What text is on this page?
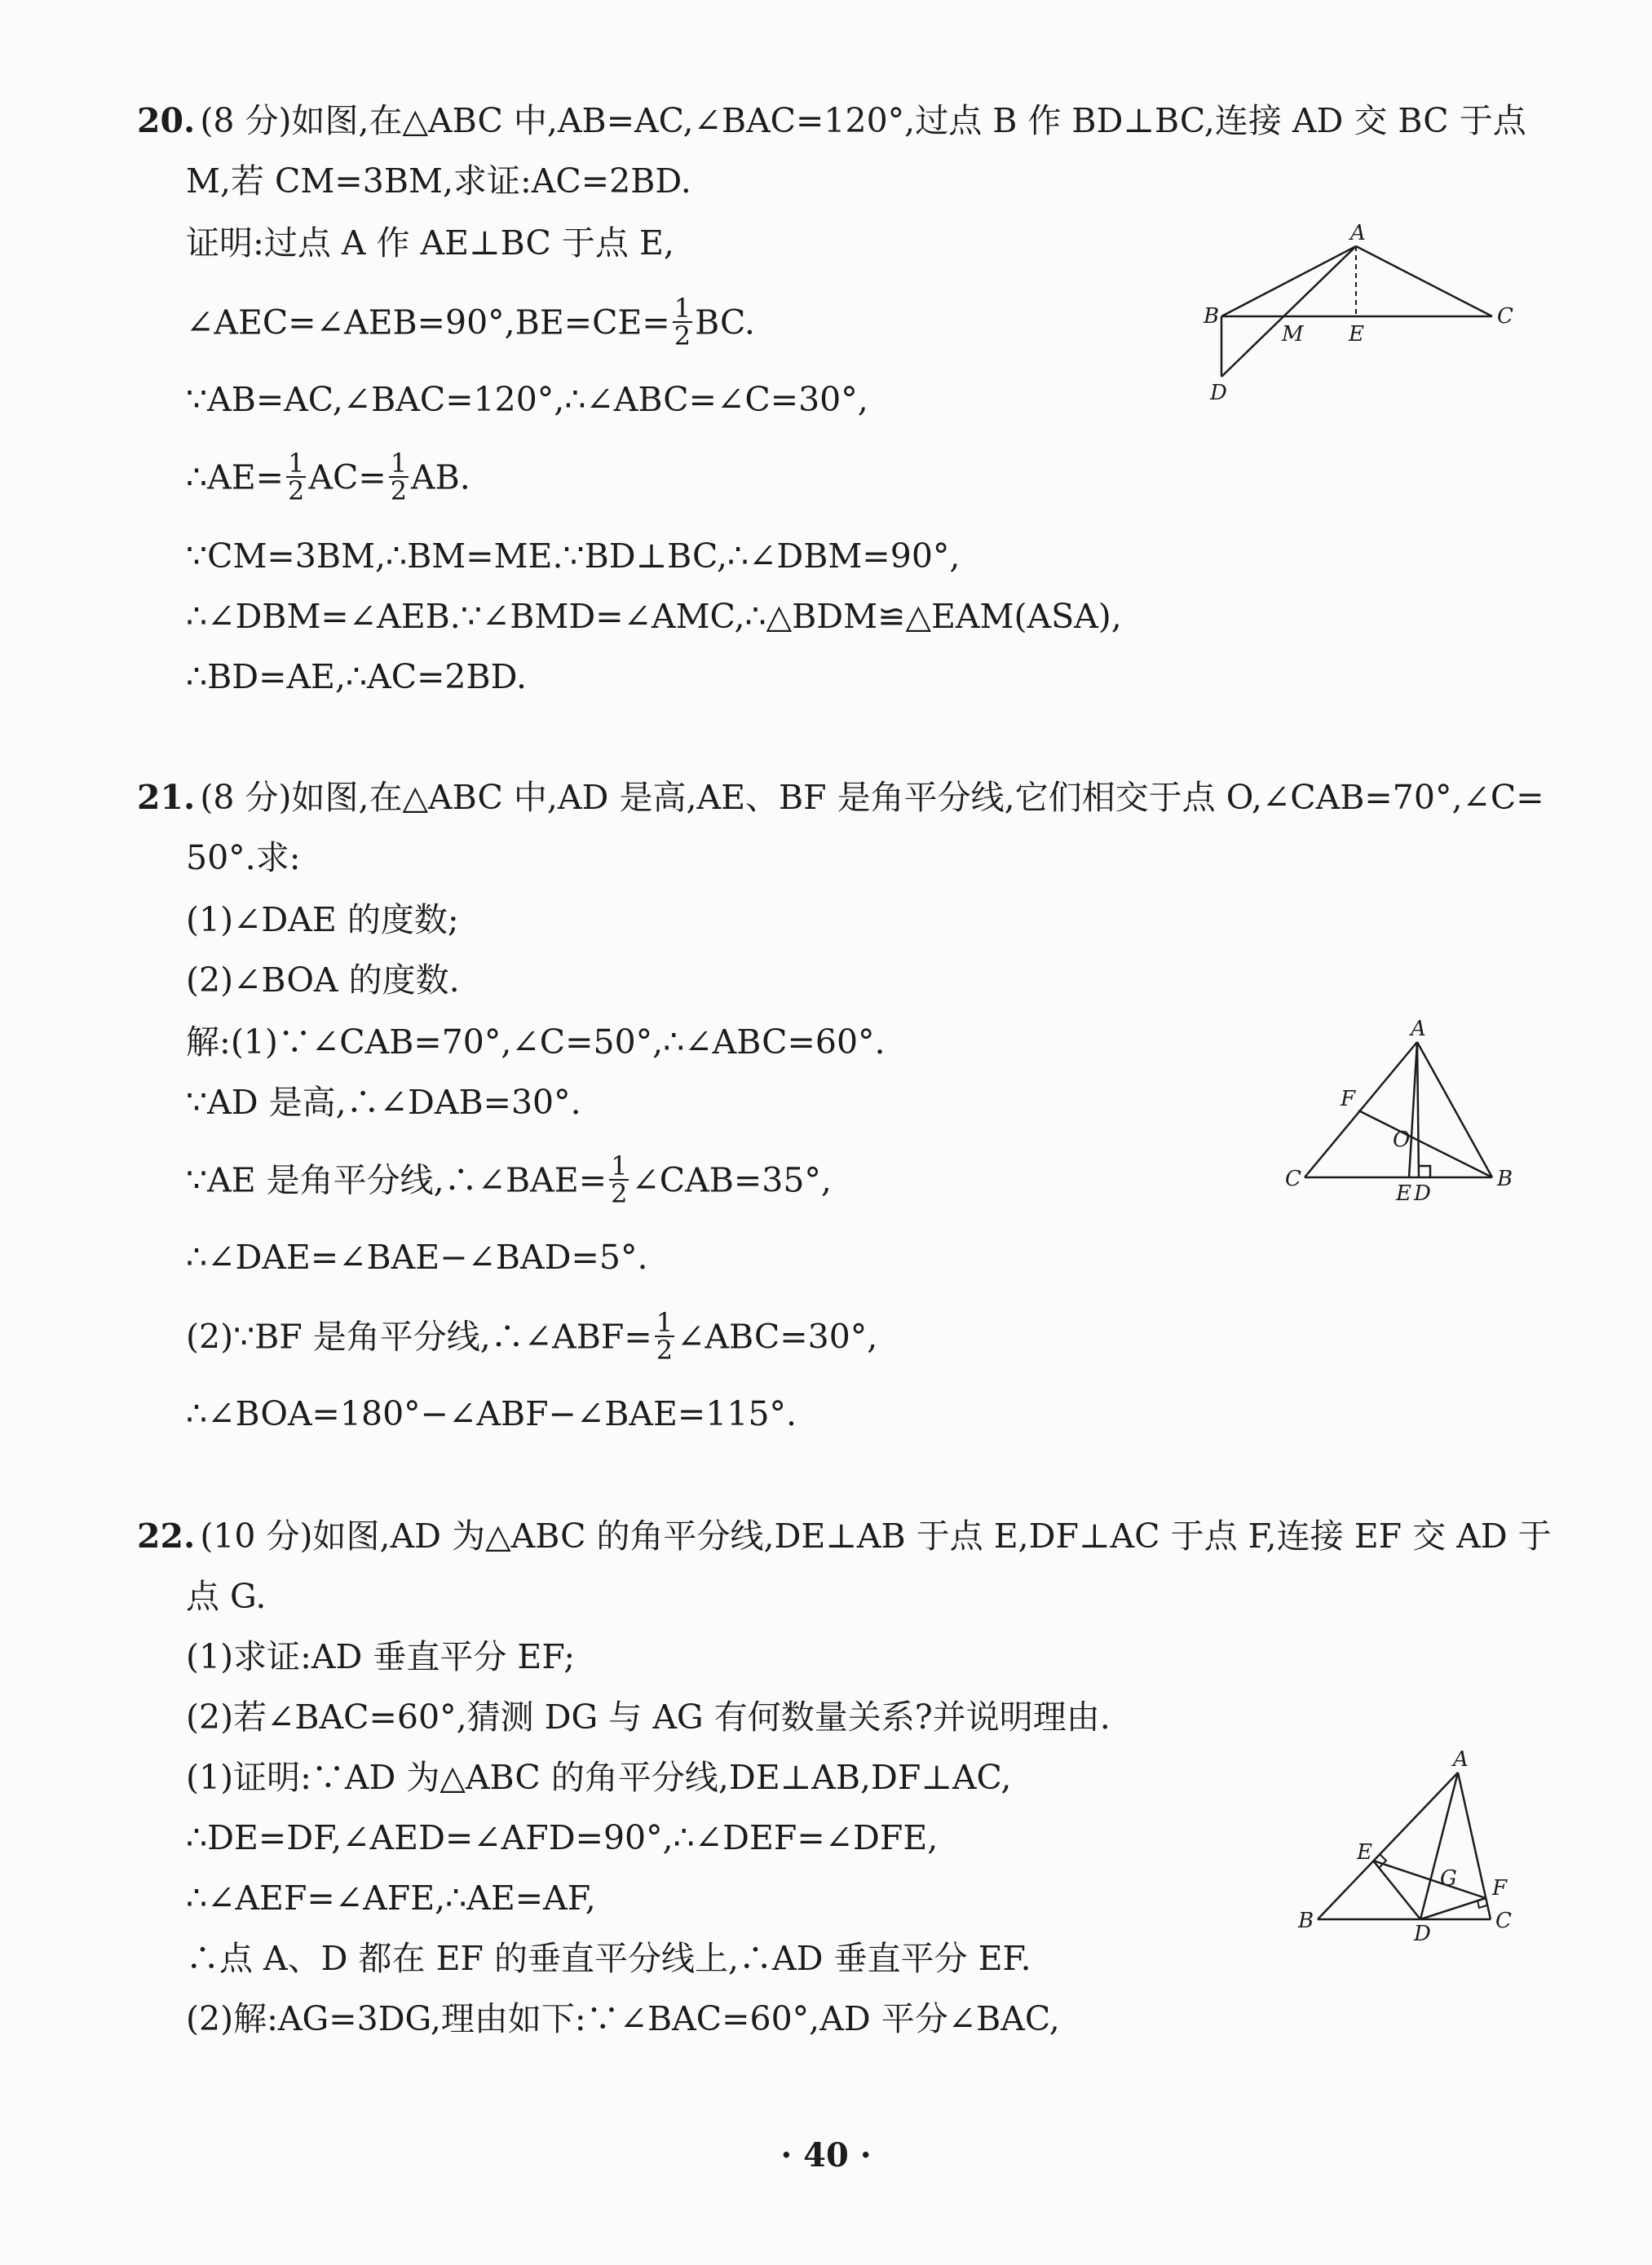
20. (8 分)如图,在△ABC 中,AB=AC,∠BAC=120°,过点 B 作 BD⊥BC,连接 AD 交 BC 于点
M,若 CM=3BM,求证:AC=2BD.
证明:过点 A 作 AE⊥BC 于点 E,
∠AEC=∠AEB=90°,BE=CE= $\frac{1}{2}$ BC.
∵AB=AC,∠BAC=120°,∴∠ABC=∠C=30°,
∴AE= $\frac{1}{2} AC= \frac{1}{2}$ AB.
∵CM=3BM,∴BM=ME.∵BD⊥BC,∴∠DBM=90°,
∴∠DBM=∠AEB.∵∠BMD=∠AMC,∴△BDM≌△EAM(ASA),
∴BD=AE,∴AC=2BD.
A
B	C
D
M E
21. (8 分)如图,在△ABC 中,AD 是高,AE、BF 是角平分线,它们相交于点 O,∠CAB=70°,∠C=
50°.求:
(1)∠DAE 的度数;
(2)∠BOA 的度数.
解:(1)∵∠CAB=70°,∠C=50°,∴∠ABC=60°.
∵AD 是高,∴∠DAB=30°.
∵AE 是角平分线,∴∠BAE= $\frac{1}{2}$ ∠CAB=35°,
∴∠DAE=∠BAE−∠BAD=5°.
(2)∵BF 是角平分线,∴∠ABF= $\frac{1}{2}$ ∠ABC=30°,
∴∠BOA=180°−∠ABF−∠BAE=115°.
A
C	B
F
O
E D
22. (10 分)如图,AD 为△ABC 的角平分线,DE⊥AB 于点 E,DF⊥AC 于点 F,连接 EF 交 AD 于
点 G.
(1)求证:AD 垂直平分 EF;
(2)若∠BAC=60°,猜测 DG 与 AG 有何数量关系?并说明理由.
(1)证明:∵AD 为△ABC 的角平分线,DE⊥AB,DF⊥AC,
∴DE=DF,∠AED=∠AFD=90°,∴∠DEF=∠DFE,
∴∠AEF=∠AFE,∴AE=AF,
∴点 A、D 都在 EF 的垂直平分线上,∴AD 垂直平分 EF.
(2)解:AG=3DG,理由如下:∵∠BAC=60°,AD 平分∠BAC,
A
B	C
D
E
F
G
· 40 ·
